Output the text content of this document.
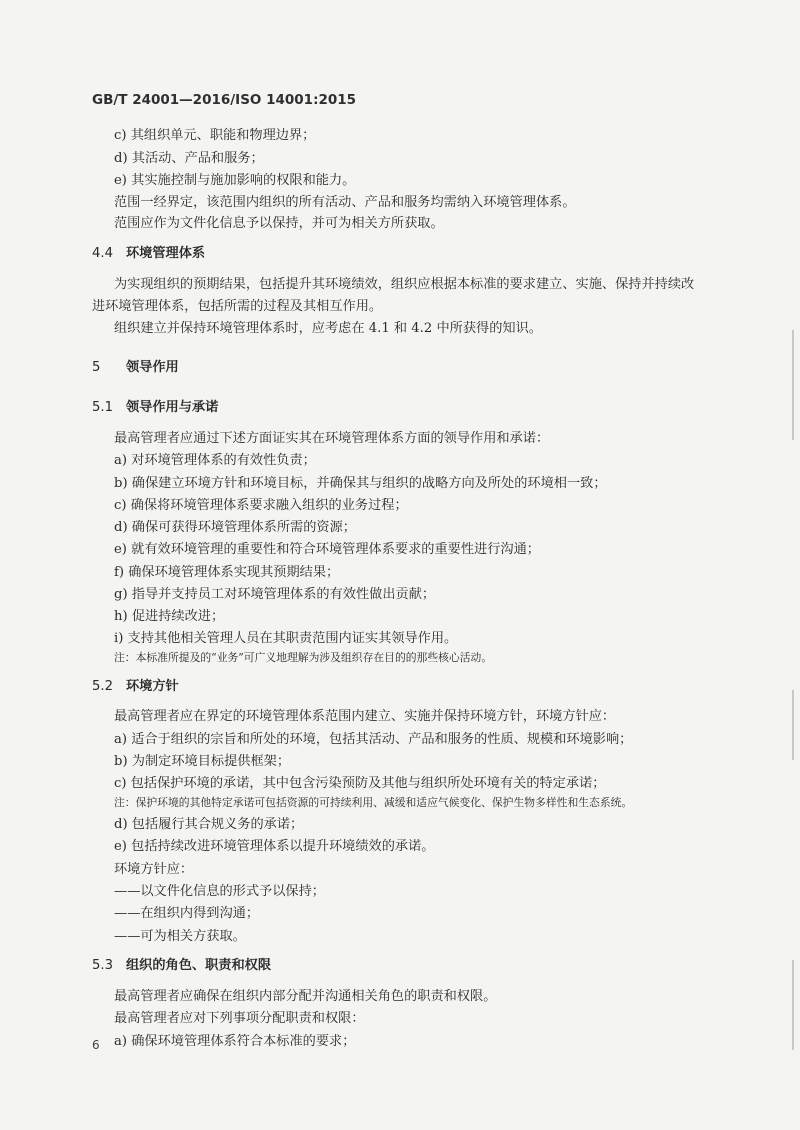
GB/T 24001—2016/ISO 14001:2015

c) 其组织单元、职能和物理边界；

d) 其活动、产品和服务；

e) 其实施控制与施加影响的权限和能力。

范围一经界定，该范围内组织的所有活动、产品和服务均需纳入环境管理体系。

范围应作为文件化信息予以保持，并可为相关方所获取。

4.4 环境管理体系

为实现组织的预期结果，包括提升其环境绩效，组织应根据本标准的要求建立、实施、保持并持续改

进环境管理体系，包括所需的过程及其相互作用。

组织建立并保持环境管理体系时，应考虑在 4.1 和 4.2 中所获得的知识。

5 领导作用

5.1 领导作用与承诺

最高管理者应通过下述方面证实其在环境管理体系方面的领导作用和承诺：

a) 对环境管理体系的有效性负责；

b) 确保建立环境方针和环境目标，并确保其与组织的战略方向及所处的环境相一致；

c) 确保将环境管理体系要求融入组织的业务过程；

d) 确保可获得环境管理体系所需的资源；

e) 就有效环境管理的重要性和符合环境管理体系要求的重要性进行沟通；

f) 确保环境管理体系实现其预期结果；

g) 指导并支持员工对环境管理体系的有效性做出贡献；

h) 促进持续改进；

i) 支持其他相关管理人员在其职责范围内证实其领导作用。

注：本标准所提及的“业务”可广义地理解为涉及组织存在目的的那些核心活动。

5.2 环境方针

最高管理者应在界定的环境管理体系范围内建立、实施并保持环境方针，环境方针应：

a) 适合于组织的宗旨和所处的环境，包括其活动、产品和服务的性质、规模和环境影响；

b) 为制定环境目标提供框架；

c) 包括保护环境的承诺，其中包含污染预防及其他与组织所处环境有关的特定承诺；

注：保护环境的其他特定承诺可包括资源的可持续利用、减缓和适应气候变化、保护生物多样性和生态系统。

d) 包括履行其合规义务的承诺；

e) 包括持续改进环境管理体系以提升环境绩效的承诺。

环境方针应：

——以文件化信息的形式予以保持；

——在组织内得到沟通；

——可为相关方获取。

5.3 组织的角色、职责和权限

最高管理者应确保在组织内部分配并沟通相关角色的职责和权限。

最高管理者应对下列事项分配职责和权限：

a) 确保环境管理体系符合本标准的要求；

6
